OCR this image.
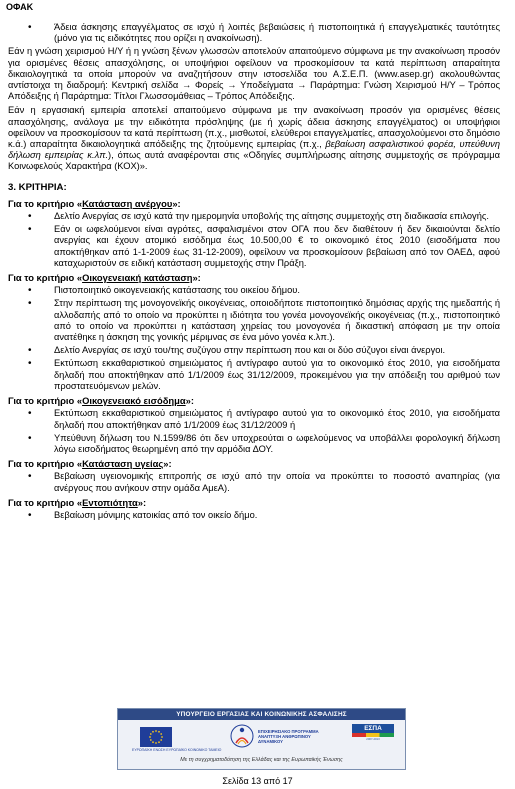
ΟΦΑΚ
• Άδεια άσκησης επαγγέλματος σε ισχύ ή λοιπές βεβαιώσεις ή πιστοποιητικά ή επαγγελματικές ταυτότητες (μόνο για τις ειδικότητες που ορίζει η ανακοίνωση).

Εάν η γνώση χειρισμού Η/Υ ή η γνώση ξένων γλωσσών αποτελούν απαιτούμενο σύμφωνα με την ανακοίνωση προσόν για ορισμένες θέσεις απασχόλησης, οι υποψήφιοι οφείλουν να προσκομίσουν τα κατά περίπτωση απαραίτητα δικαιολογητικά τα οποία μπορούν να αναζητήσουν στην ιστοσελίδα του Α.Σ.Ε.Π. (www.asep.gr) ακολουθώντας αντίστοιχα τη διαδρομή: Κεντρική σελίδα → Φορείς → Υποδείγματα → Παράρτημα: Γνώση Χειρισμού Η/Υ – Τρόπος Απόδειξης ή Παράρτημα: Τίτλοι Γλωσσομάθειας – Τρόπος Απόδειξης.

Εάν η εργασιακή εμπειρία αποτελεί απαιτούμενο σύμφωνα με την ανακοίνωση προσόν για ορισμένες θέσεις απασχόλησης, ανάλογα με την ειδικότητα πρόσληψης (με ή χωρίς άδεια άσκησης επαγγέλματος) οι υποψήφιοι οφείλουν να προσκομίσουν τα κατά περίπτωση (π.χ., μισθωτοί, ελεύθεροι επαγγελματίες, απασχολούμενοι στο δημόσιο κ.ά.) απαραίτητα δικαιολογητικά απόδειξης της ζητούμενης εμπειρίας (π.χ., βεβαίωση ασφαλιστικού φορέα, υπεύθυνη δήλωση εμπειρίας κ.λπ.), όπως αυτά αναφέρονται στις «Οδηγίες συμπλήρωσης αίτησης συμμετοχής σε πρόγραμμα Κοινωφελούς Χαρακτήρα (ΚΟΧ)».

3. ΚΡΙΤΗΡΙΑ:
Για το κριτήριο «Κατάσταση ανέργου»:
• Δελτίο Ανεργίας σε ισχύ κατά την ημερομηνία υποβολής της αίτησης συμμετοχής στη διαδικασία επιλογής.
• Εάν οι ωφελούμενοι είναι αγρότες, ασφαλισμένοι στον ΟΓΑ που δεν διαθέτουν ή δεν δικαιούνται δελτίο ανεργίας και έχουν ατομικό εισόδημα έως 10.500,00 € το οικονομικό έτος 2010 (εισοδήματα που αποκτήθηκαν από 1-1-2009 έως 31-12-2009), οφείλουν να προσκομίσουν βεβαίωση από τον ΟΑΕΔ, αφού καταχωριστούν σε ειδική κατάσταση συμμετοχής στην Πράξη.
Για το κριτήριο «Οικογενειακή κατάσταση»:
• Πιστοποιητικό οικογενειακής κατάστασης του οικείου δήμου.
• Στην περίπτωση της μονογονεϊκής οικογένειας, οποιοδήποτε πιστοποιητικό δημόσιας αρχής της ημεδαπής ή αλλοδαπής από το οποίο να προκύπτει η ιδιότητα του γονέα μονογονεϊκής οικογένειας (π.χ., πιστοποιητικό από το οποίο να προκύπτει η κατάσταση χηρείας του μονογονέα ή δικαστική απόφαση με την οποία ανατέθηκε η άσκηση της γονικής μέριμνας σε ένα μόνο γονέα κ.λπ.).
• Δελτίο Ανεργίας σε ισχύ του/της συζύγου στην περίπτωση που και οι δύο σύζυγοι είναι άνεργοι.
• Εκτύπωση εκκαθαριστικού σημειώματος ή αντίγραφο αυτού για το οικονομικό έτος 2010, για εισοδήματα δηλαδή που αποκτήθηκαν από 1/1/2009 έως 31/12/2009, προκειμένου για την απόδειξη του αριθμού των προστατευόμενων μελών.
Για το κριτήριο «Οικογενειακό εισόδημα»:
• Εκτύπωση εκκαθαριστικού σημειώματος ή αντίγραφο αυτού για το οικονομικό έτος 2010, για εισοδήματα δηλαδή που αποκτήθηκαν από 1/1/2009 έως 31/12/2009 ή
• Υπεύθυνη δήλωση του Ν.1599/86 ότι δεν υποχρεούται ο ωφελούμενος να υποβάλλει φορολογική δήλωση λόγω εισοδήματος θεωρημένη από την αρμόδια ΔΟΥ.
Για το κριτήριο «Κατάσταση υγείας»:
• Βεβαίωση υγειονομικής επιτροπής σε ισχύ από την οποία να προκύπτει το ποσοστό αναπηρίας (για ανέργους που ανήκουν στην ομάδα ΑμεΑ).
Για το κριτήριο «Εντοπιότητα»:
• Βεβαίωση μόνιμης κατοικίας από τον οικείο δήμο.
ΥΠΟΥΡΓΕΙΟ ΕΡΓΑΣΙΑΣ ΚΑΙ ΚΟΙΝΩΝΙΚΗΣ ΑΣΦΑΛΙΣΗΣ
ΕΥΡΩΠΑΪΚΗ ΕΝΩΣΗ ΕΥΡΩΠΑΪΚΟ ΚΟΙΝΩΝΙΚΟ ΤΑΜΕΙΟ
ΕΠΙΧΕΙΡΗΣΙΑΚΟ ΠΡΟΓΡΑΜΜΑ ΑΝΑΠΤΥΞΗ ΑΝΘΡΩΠΙΝΟΥ ΔΥΝΑΜΙΚΟΥ
ΕΣΠΑ
2007-2013
Με τη συγχρηματοδότηση της Ελλάδας και της Ευρωπαϊκής Ένωσης
Σελίδα 13 από 17
